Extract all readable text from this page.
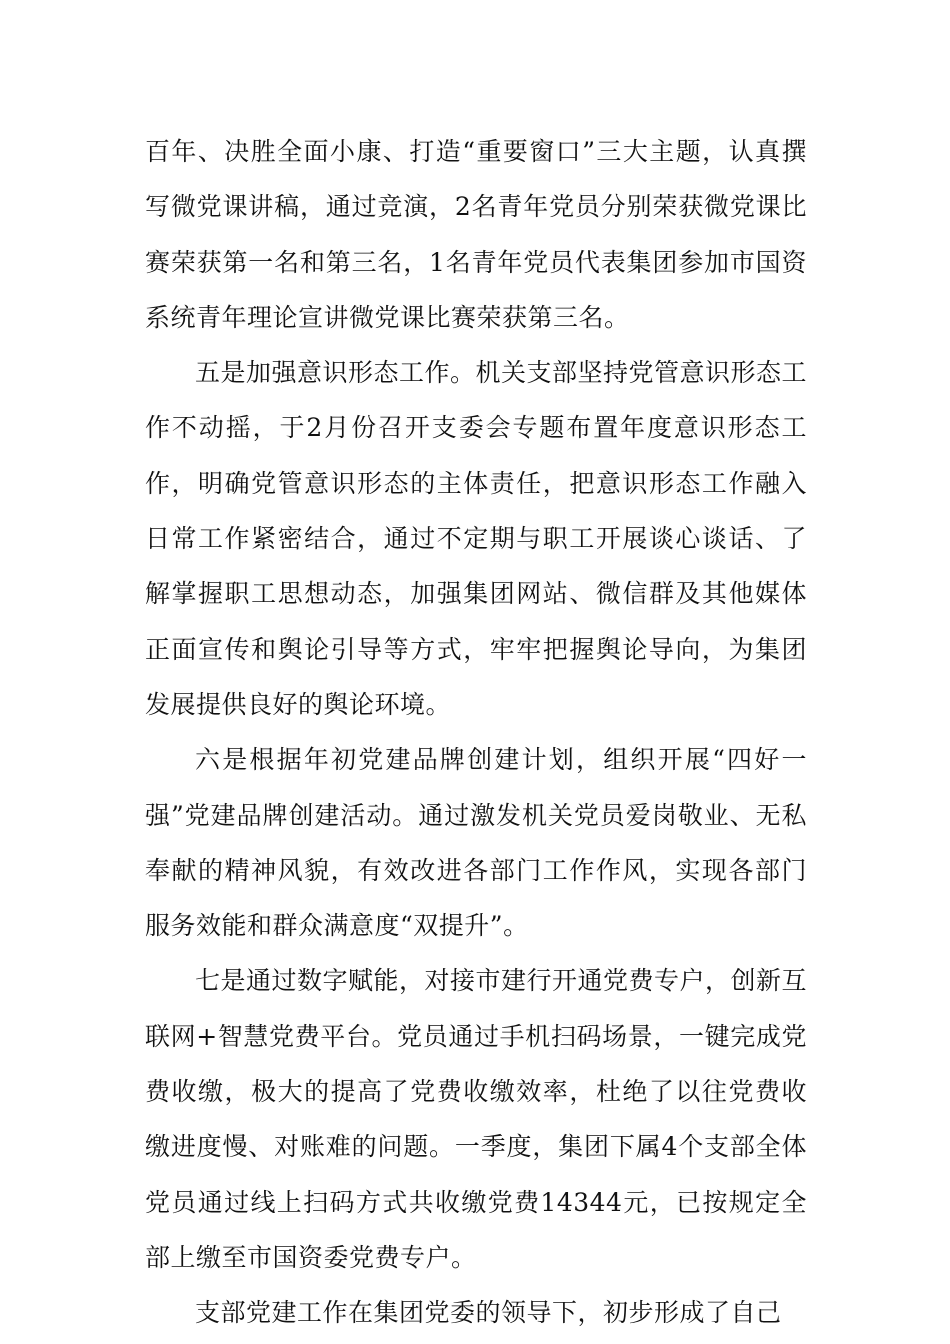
百年、决胜全面小康、打造“重要窗口”三大主题，认真撰写微党课讲稿，通过竞演，2名青年党员分别荣获微党课比赛荣获第一名和第三名，1名青年党员代表集团参加市国资系统青年理论宣讲微党课比赛荣获第三名。

五是加强意识形态工作。机关支部坚持党管意识形态工作不动摇，于2月份召开支委会专题布置年度意识形态工作，明确党管意识形态的主体责任，把意识形态工作融入日常工作紧密结合，通过不定期与职工开展谈心谈话、了解掌握职工思想动态，加强集团网站、微信群及其他媒体正面宣传和舆论引导等方式，牢牢把握舆论导向，为集团发展提供良好的舆论环境。

六是根据年初党建品牌创建计划，组织开展“四好一强”党建品牌创建活动。通过激发机关党员爱岗敬业、无私奉献的精神风貌，有效改进各部门工作作风，实现各部门服务效能和群众满意度“双提升”。

七是通过数字赋能，对接市建行开通党费专户，创新互联网+智慧党费平台。党员通过手机扫码场景，一键完成党费收缴，极大的提高了党费收缴效率，杜绝了以往党费收缴进度慢、对账难的问题。一季度，集团下属4个支部全体党员通过线上扫码方式共收缴党费14344元，已按规定全部上缴至市国资委党费专户。

支部党建工作在集团党委的领导下，初步形成了自己
